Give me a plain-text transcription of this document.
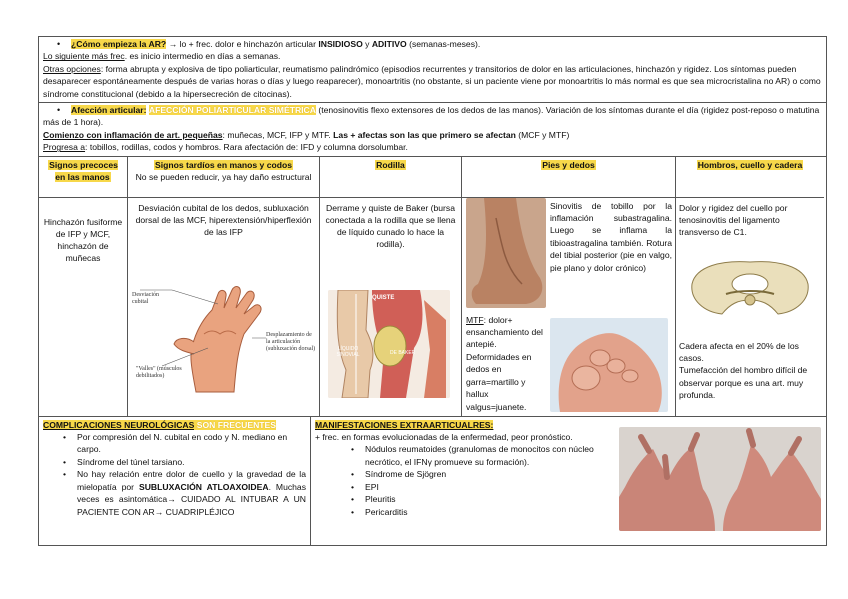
• ¿Cómo empieza la AR? → lo + frec. dolor e hinchazón articular INSIDIOSO y ADITIVO (semanas-meses).
Lo siguiente más frec. es inicio intermedio en días a semanas.
Otras opciones: forma abrupta y explosiva de tipo poliarticular, reumatismo palindrómico (episodios recurrentes y transitorios de dolor en las articulaciones, hinchazón y rigidez. Los síntomas pueden desaparecer espontáneamente después de varias horas o días y luego reaparecer), monoartritis (no obstante, si un paciente viene por monoartritis lo más normal es que sea microcristalina no AR) o como síndrome constitucional (debido a la hipersecreción de citocinas).
• Afección articular: AFECCIÓN POLIARTICULAR SIMÉTRICA (tenosinovitis flexo extensores de los dedos de las manos). Variación de los síntomas durante el día (rigidez post-reposo o matutina más de 1 hora).
Comienzo con inflamación de art. pequeñas: muñecas, MCF, IFP y MTF. Las + afectas son las que primero se afectan (MCF y MTF)
Progresa a: tobillos, rodillas, codos y hombros. Rara afectación de: IFD y columna dorsolumbar.
Signos precoces en las manos
Hinchazón fusiforme de IFP y MCF, hinchazón de muñecas
Signos tardíos en manos y codos
No se pueden reducir, ya hay daño estructural
Desviación cubital de los dedos, subluxación dorsal de las MCF, hiperextensión/hiperflexión de las IFP
Desviación cubital
Desplazamiento de la articulación (subluxación dorsal)
"Valles" (músculos debilitados)
Rodilla
Derrame y quiste de Baker (bursa conectada a la rodilla que se llena de líquido cunado lo hace la rodilla).
QUISTE
LÍQUIDO SINOVIAL	DE BAKER
Pies y dedos
Sinovitis de tobillo por la inflamación subastragalina. Luego se inflama la tibioastragalina también. Rotura del tibial posterior (pie en valgo, pie plano y dolor crónico)
MTF: dolor+ ensanchamiento del antepié. Deformidades en dedos en garra=martillo y hallux valgus=juanete.
Hombros, cuello y cadera
Dolor y rigidez del cuello por tenosinovitis del ligamento transverso de C1.
Cadera afecta en el 20% de los casos.
Tumefacción del hombro difícil de observar porque es una art. muy profunda.
COMPLICACIONES NEUROLÓGICAS SON FRECUENTES
• Por compresión del N. cubital en codo y N. mediano en carpo.
• Síndrome del túnel tarsiano.
• No hay relación entre dolor de cuello y la gravedad de la mielopatía por SUBLUXACIÓN ATLOAXOIDEA. Muchas veces es asintomática→ CUIDADO AL INTUBAR A UN PACIENTE CON AR→ CUADRIPLÉJICO
MANIFESTACIONES EXTRAARTICUALRES:
+ frec. en formas evolucionadas de la enfermedad, peor pronóstico.
• Nódulos reumatoides (granulomas de monocitos con núcleo necrótico, el IFNγ promueve su formación).
• Síndrome de Sjögren
• EPI
• Pleuritis
• Pericarditis
